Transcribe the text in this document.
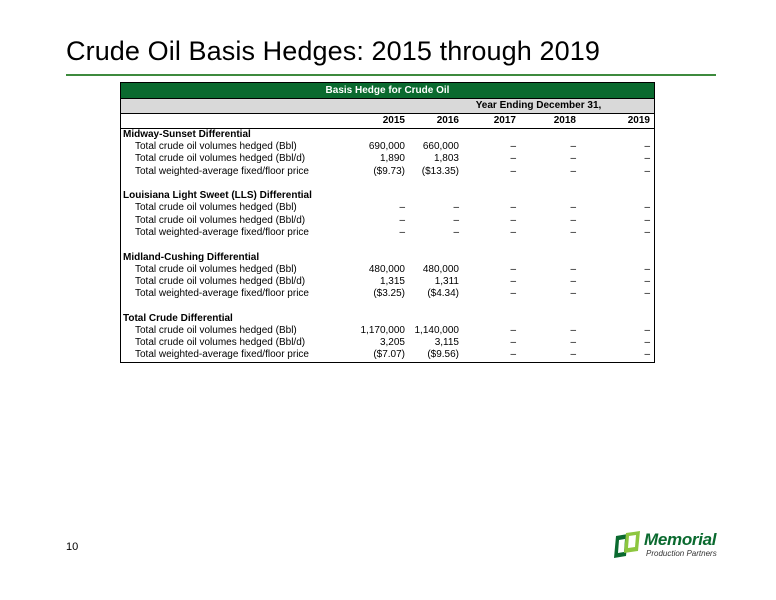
Crude Oil Basis Hedges: 2015 through 2019
Basis Hedge for Crude Oil
Year Ending December 31,
2015	2016	2017	2018	2019
Midway-Sunset Differential
Total crude oil volumes hedged (Bbl)	690,000	660,000	–	–	–
Total crude oil volumes hedged (Bbl/d)	1,890	1,803	–	–	–
Total weighted-average fixed/floor price	($9.73)	($13.35)	–	–	–
Louisiana Light Sweet (LLS) Differential
Total crude oil volumes hedged (Bbl)	–	–	–	–	–
Total crude oil volumes hedged (Bbl/d)	–	–	–	–	–
Total weighted-average fixed/floor price	–	–	–	–	–
Midland-Cushing Differential
Total crude oil volumes hedged (Bbl)	480,000	480,000	–	–	–
Total crude oil volumes hedged (Bbl/d)	1,315	1,311	–	–	–
Total weighted-average fixed/floor price	($3.25)	($4.34)	–	–	–
Total Crude Differential
Total crude oil volumes hedged (Bbl)	1,170,000 1,140,000	–	–	–
Total crude oil volumes hedged (Bbl/d)	3,205	3,115	–	–	–
Total weighted-average fixed/floor price	($7.07)	($9.56)	–	–	–
10	Memorial
Production Partners
